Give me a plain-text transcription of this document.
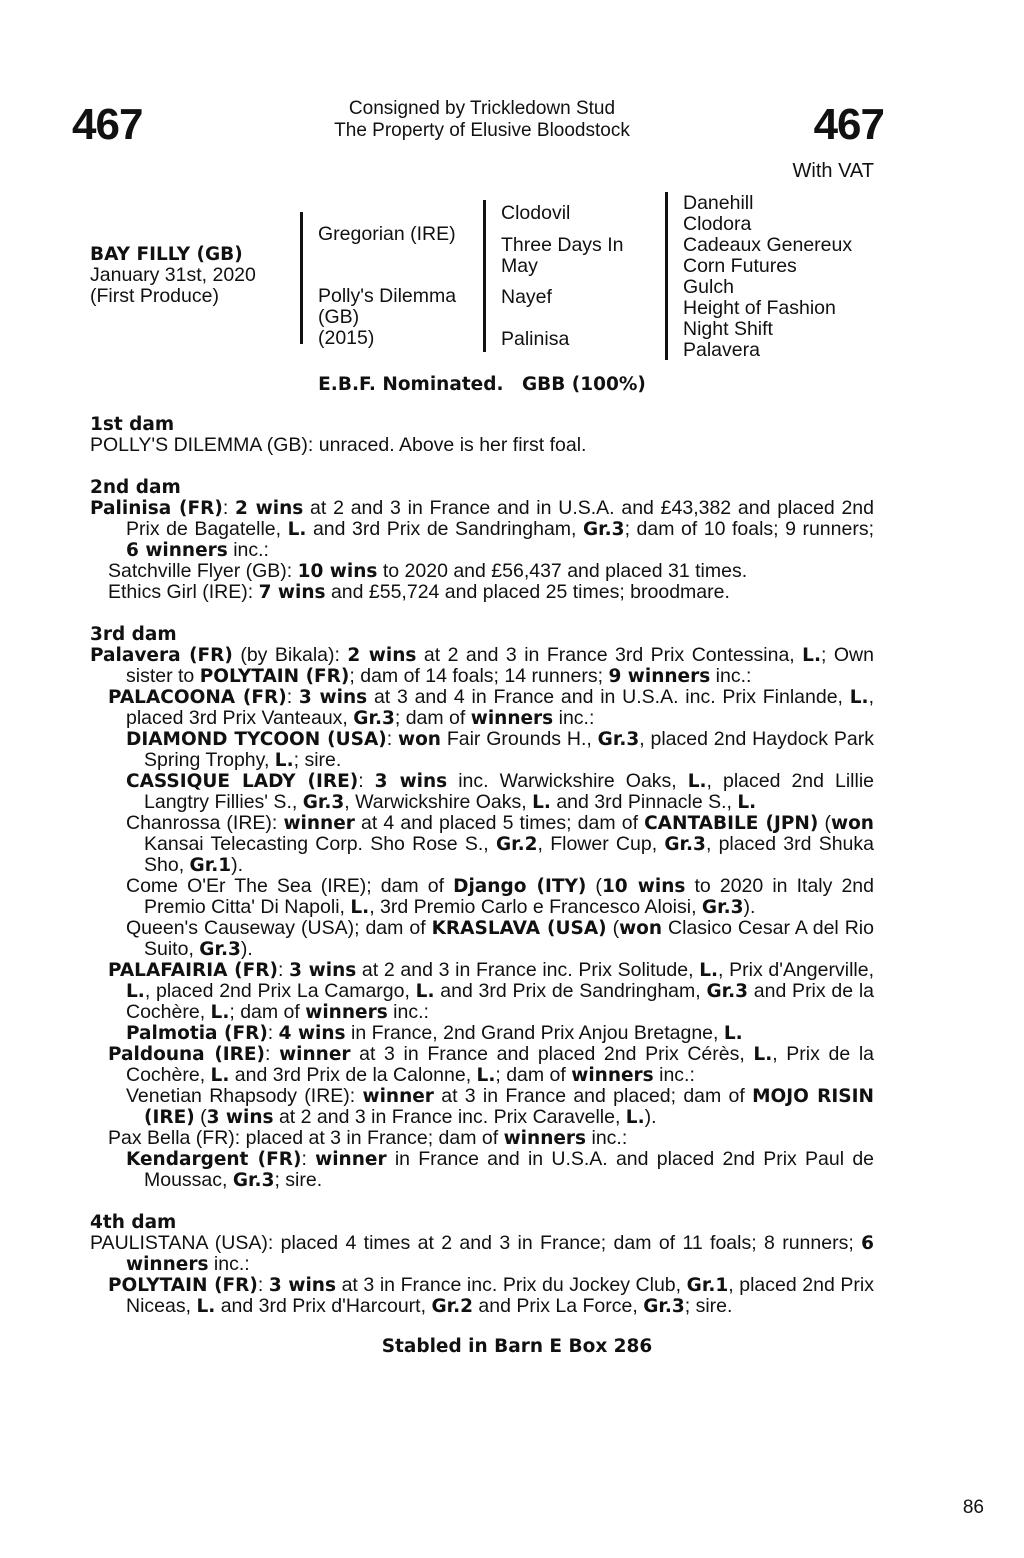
467	Consigned by Trickledown Stud
The Property of Elusive Bloodstock	467
With VAT
BAY FILLY (GB)
January 31st, 2020
(First Produce)
Gregorian (IRE)
Polly's Dilemma
(GB)
(2015)
Clodovil
Three Days In
May
Nayef
Palinisa
Danehill
Clodora
Cadeaux Genereux
Corn Futures
Gulch
Height of Fashion
Night Shift
Palavera
E.B.F. Nominated. GBB (100%)
1st dam
POLLY'S DILEMMA (GB): unraced. Above is her first foal.
2nd dam
Palinisa (FR): 2 wins at 2 and 3 in France and in U.S.A. and £43,382 and placed 2nd Prix de Bagatelle, L. and 3rd Prix de Sandringham, Gr.3; dam of 10 foals; 9 runners; 6 winners inc.:
Satchville Flyer (GB): 10 wins to 2020 and £56,437 and placed 31 times.
Ethics Girl (IRE): 7 wins and £55,724 and placed 25 times; broodmare.
3rd dam
Palavera (FR) (by Bikala): 2 wins at 2 and 3 in France 3rd Prix Contessina, L.; Own sister to POLYTAIN (FR); dam of 14 foals; 14 runners; 9 winners inc.:
PALACOONA (FR): 3 wins at 3 and 4 in France and in U.S.A. inc. Prix Finlande, L., placed 3rd Prix Vanteaux, Gr.3; dam of winners inc.:
DIAMOND TYCOON (USA): won Fair Grounds H., Gr.3, placed 2nd Haydock Park Spring Trophy, L.; sire.
CASSIQUE LADY (IRE): 3 wins inc. Warwickshire Oaks, L., placed 2nd Lillie Langtry Fillies' S., Gr.3, Warwickshire Oaks, L. and 3rd Pinnacle S., L.
Chanrossa (IRE): winner at 4 and placed 5 times; dam of CANTABILE (JPN) (won Kansai Telecasting Corp. Sho Rose S., Gr.2, Flower Cup, Gr.3, placed 3rd Shuka Sho, Gr.1).
Come O'Er The Sea (IRE); dam of Django (ITY) (10 wins to 2020 in Italy 2nd Premio Citta' Di Napoli, L., 3rd Premio Carlo e Francesco Aloisi, Gr.3).
Queen's Causeway (USA); dam of KRASLAVA (USA) (won Clasico Cesar A del Rio Suito, Gr.3).
PALAFAIRIA (FR): 3 wins at 2 and 3 in France inc. Prix Solitude, L., Prix d'Angerville, L., placed 2nd Prix La Camargo, L. and 3rd Prix de Sandringham, Gr.3 and Prix de la Cochère, L.; dam of winners inc.:
Palmotia (FR): 4 wins in France, 2nd Grand Prix Anjou Bretagne, L.
Paldouna (IRE): winner at 3 in France and placed 2nd Prix Cérès, L., Prix de la Cochère, L. and 3rd Prix de la Calonne, L.; dam of winners inc.:
Venetian Rhapsody (IRE): winner at 3 in France and placed; dam of MOJO RISIN (IRE) (3 wins at 2 and 3 in France inc. Prix Caravelle, L.).
Pax Bella (FR): placed at 3 in France; dam of winners inc.:
Kendargent (FR): winner in France and in U.S.A. and placed 2nd Prix Paul de Moussac, Gr.3; sire.
4th dam
PAULISTANA (USA): placed 4 times at 2 and 3 in France; dam of 11 foals; 8 runners; 6 winners inc.:
POLYTAIN (FR): 3 wins at 3 in France inc. Prix du Jockey Club, Gr.1, placed 2nd Prix Niceas, L. and 3rd Prix d'Harcourt, Gr.2 and Prix La Force, Gr.3; sire.
Stabled in Barn E Box 286
86
